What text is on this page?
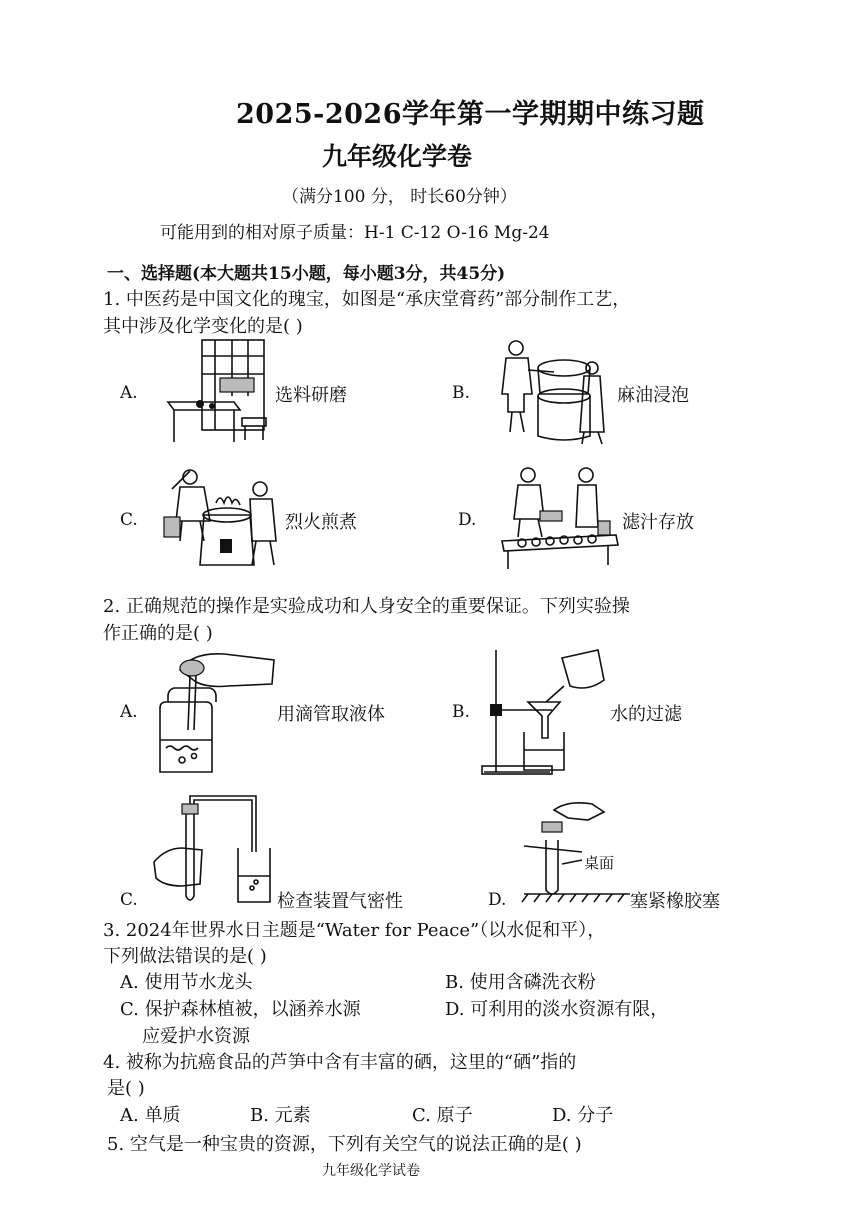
2025-2026学年第一学期期中练习题
九年级化学卷
（满分100 分， 时长60分钟）
可能用到的相对原子质量：H-1 C-12 O-16 Mg-24
一、选择题(本大题共15小题，每小题3分，共45分)
1. 中医药是中国文化的瑰宝，如图是“承庆堂膏药”部分制作工艺，
其中涉及化学变化的是( )
A.	选料研磨	B.	麻油浸泡
C.	烈火煎煮	D.	滤汁存放
2. 正确规范的操作是实验成功和人身安全的重要保证。下列实验操
作正确的是( )
A.	用滴管取液体	B.	水的过滤
C.	检查装置气密性	D.	塞紧橡胶塞
桌面
3. 2024年世界水日主题是“Water for Peace”（以水促和平），
下列做法错误的是( )
A. 使用节水龙头	B. 使用含磷洗衣粉
C. 保护森林植被，以涵养水源	D. 可利用的淡水资源有限，
应爱护水资源
4. 被称为抗癌食品的芦笋中含有丰富的硒，这里的“硒”指的
是( )
A. 单质	B. 元素	C. 原子	D. 分子
5. 空气是一种宝贵的资源，下列有关空气的说法正确的是( )
九年级化学试卷
